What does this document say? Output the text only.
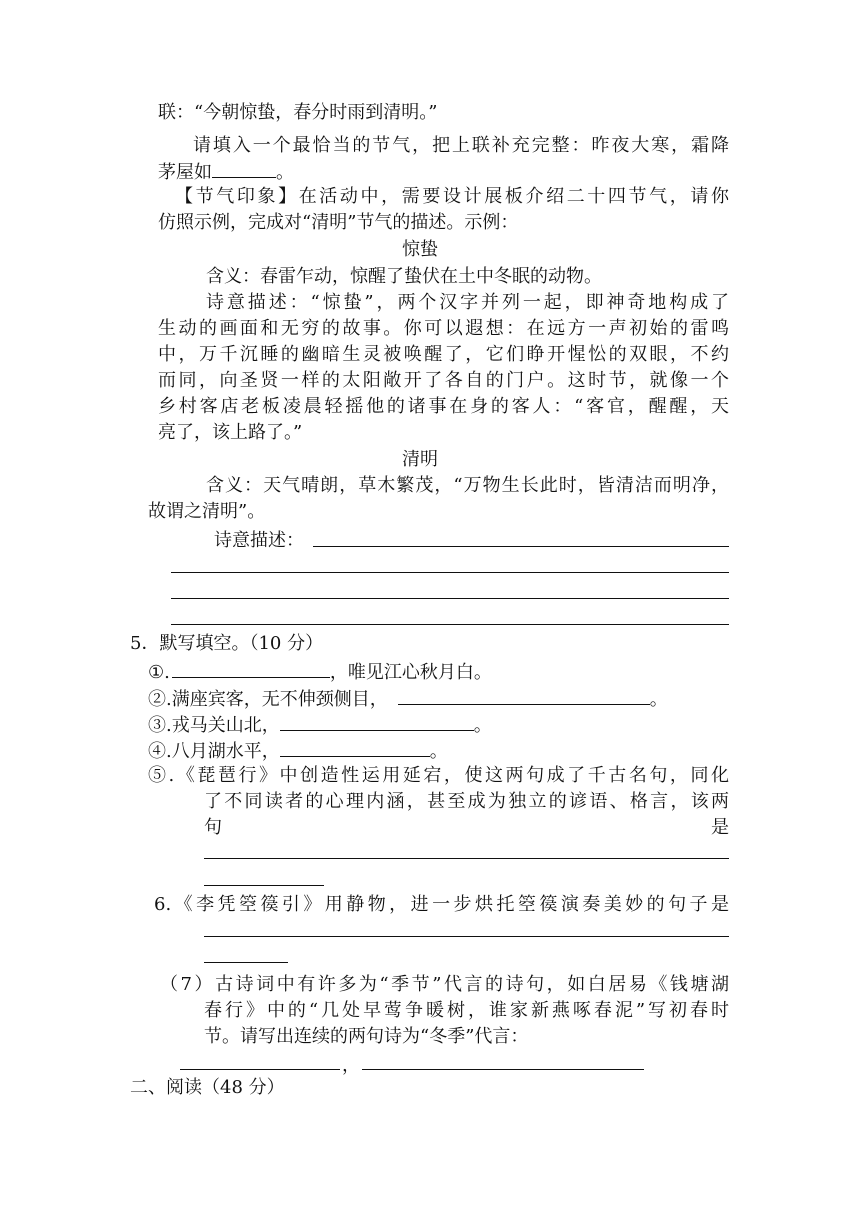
联：“今朝惊蛰，春分时雨到清明。”
请填入一个最恰当的节气，把上联补充完整：昨夜大寒，霜降
茅屋如	。
【节气印象】在活动中，需要设计展板介绍二十四节气，请你
仿照示例，完成对“清明”节气的描述。示例：
惊蛰
含义：春雷乍动，惊醒了蛰伏在土中冬眠的动物。
诗意描述：“惊蛰”，两个汉字并列一起，即神奇地构成了
生动的画面和无穷的故事。你可以遐想：在远方一声初始的雷鸣
中，万千沉睡的幽暗生灵被唤醒了，它们睁开惺忪的双眼，不约
而同，向圣贤一样的太阳敞开了各自的门户。这时节，就像一个
乡村客店老板凌晨轻摇他的诸事在身的客人：“客官，醒醒，天
亮了，该上路了。”
清明
含义：天气晴朗，草木繁茂，“万物生长此时，皆清洁而明净，
故谓之清明”。
诗意描述：
5．默写填空。（10 分）
①.	，唯见江心秋月白。
②.满座宾客，无不伸颈侧目，	。
③.戎马关山北，	。
④.八月湖水平，	。
⑤.《琵琶行》中创造性运用延宕，使这两句成了千古名句，同化
了不同读者的心理内涵，甚至成为独立的谚语、格言，该两
句	是
6.《李凭箜篌引》用静物，进一步烘托箜篌演奏美妙的句子是
（7）古诗词中有许多为“季节”代言的诗句，如白居易《钱塘湖
春行》中的“几处早莺争暖树，谁家新燕啄春泥”写初春时
节。请写出连续的两句诗为“冬季”代言：
，
二、阅读（48 分）
